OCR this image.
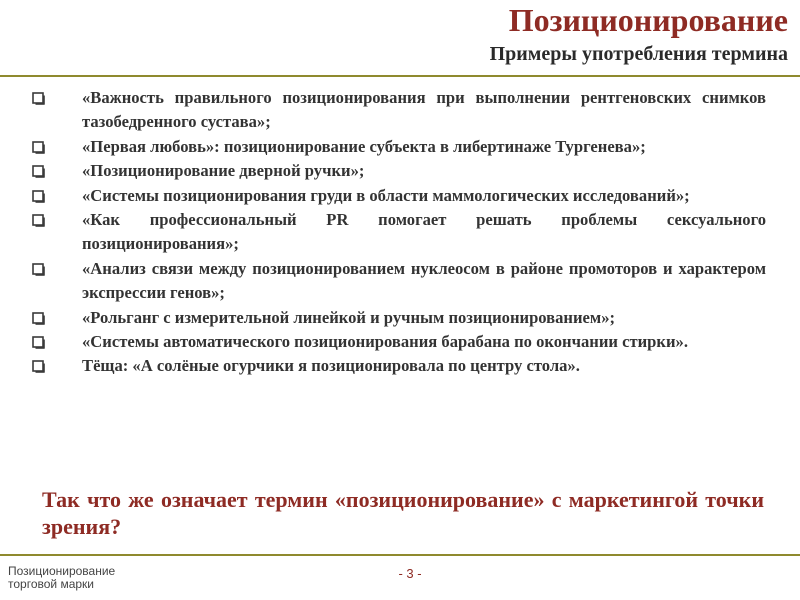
Позиционирование
Примеры употребления термина
«Важность правильного позиционирования при выполнении рентгеновских снимков тазобедренного сустава»;
«Первая любовь»: позиционирование субъекта в либертинаже Тургенева»;
«Позиционирование дверной ручки»;
«Системы позиционирования груди в области маммологических исследований»;
«Как профессиональный PR помогает решать проблемы сексуального позиционирования»;
«Анализ связи между позиционированием нуклеосом в районе промоторов и характером экспрессии генов»;
«Рольганг с измерительной линейкой и ручным позиционированием»;
«Системы автоматического позиционирования барабана по окончании стирки».
Тёща: «А солёные огурчики я позиционировала по центру стола».
Так что же означает термин «позиционирование» с маркетингой точки зрения?
Позиционирование
торговой марки
- 3 -
